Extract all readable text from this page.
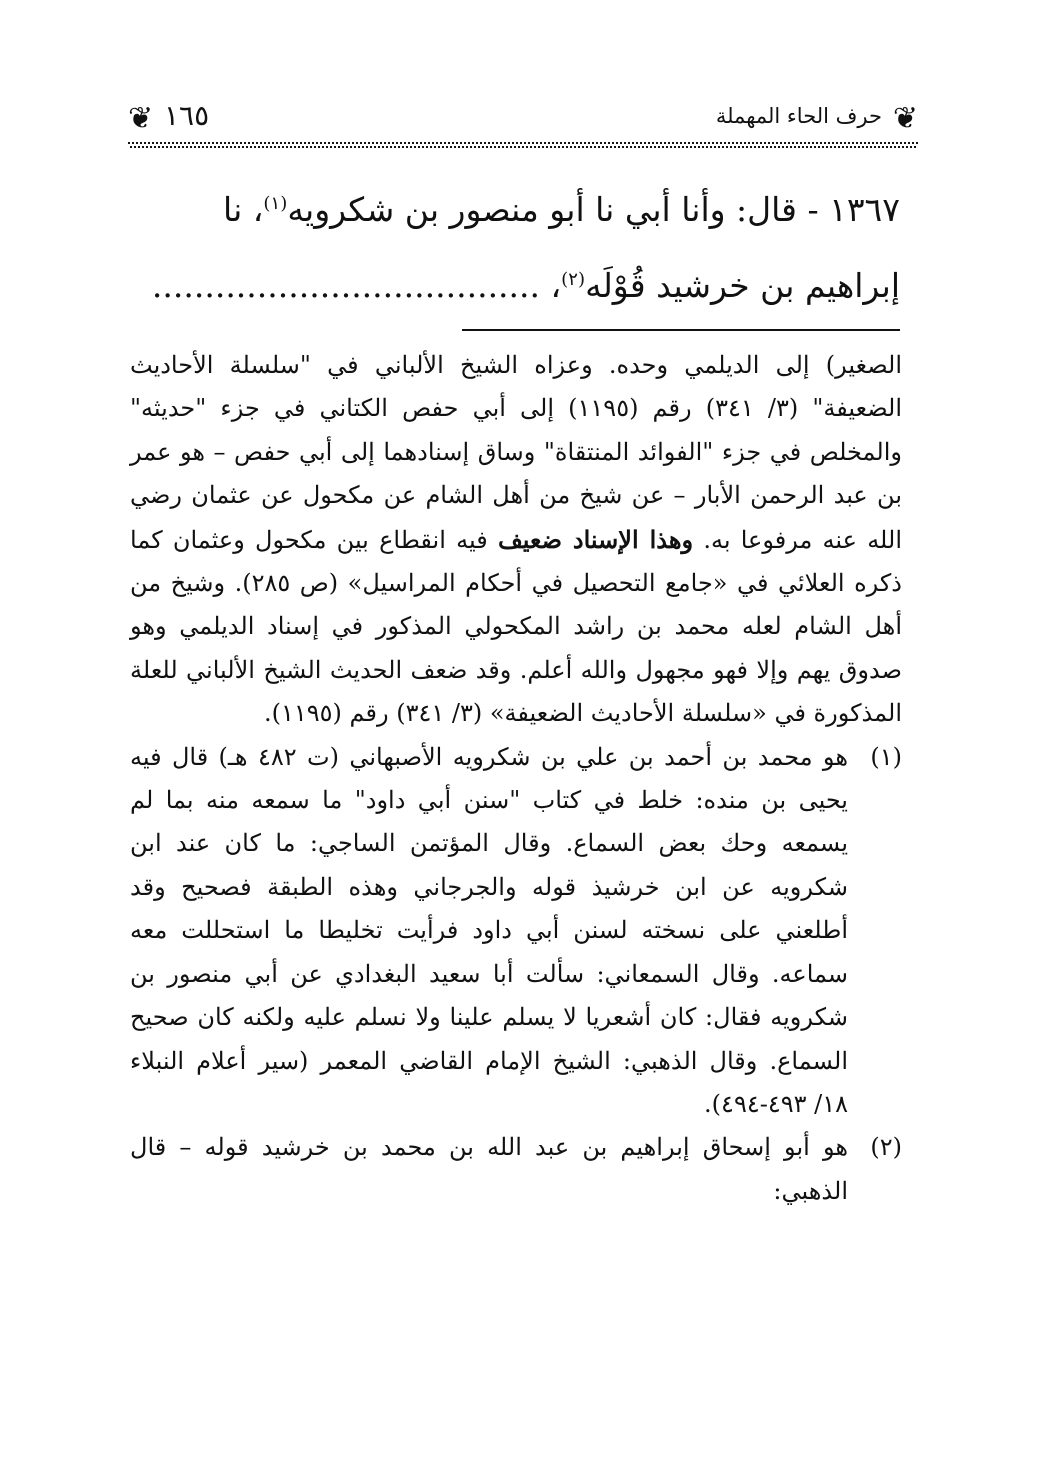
❦ ١٦٥	حرف الحاء المهملة ❦

١٣٦٧ - قال: وأنا أبي نا أبو منصور بن شكرويه$^{(١)}$، نا

إبراهيم بن خرشيد قُوْلَه$^{(٢)}$، .....................................

الصغير) إلى الديلمي وحده. وعزاه الشيخ الألباني في "سلسلة الأحاديث الضعيفة" (٣/ ٣٤١) رقم (١١٩٥) إلى أبي حفص الكتاني في جزء "حديثه" والمخلص في جزء "الفوائد المنتقاة" وساق إسنادهما إلى أبي حفص – هو عمر بن عبد الرحمن الأبار – عن شيخ من أهل الشام عن مكحول عن عثمان رضي الله عنه مرفوعا به. وهذا الإسناد ضعيف فيه انقطاع بين مكحول وعثمان كما ذكره العلائي في «جامع التحصيل في أحكام المراسيل» (ص ٢٨٥). وشيخ من أهل الشام لعله محمد بن راشد المكحولي المذكور في إسناد الديلمي وهو صدوق يهم وإلا فهو مجهول والله أعلم. وقد ضعف الحديث الشيخ الألباني للعلة المذكورة في «سلسلة الأحاديث الضعيفة» (٣/ ٣٤١) رقم (١١٩٥).

(١)
هو محمد بن أحمد بن علي بن شكرويه الأصبهاني (ت ٤٨٢ هـ) قال فيه يحيى بن منده: خلط في كتاب "سنن أبي داود" ما سمعه منه بما لم يسمعه وحك بعض السماع. وقال المؤتمن الساجي: ما كان عند ابن شكرويه عن ابن خرشيذ قوله والجرجاني وهذه الطبقة فصحيح وقد أطلعني على نسخته لسنن أبي داود فرأيت تخليطا ما استحللت معه سماعه. وقال السمعاني: سألت أبا سعيد البغدادي عن أبي منصور بن شكرويه فقال: كان أشعريا لا يسلم علينا ولا نسلم عليه ولكنه كان صحيح السماع. وقال الذهبي: الشيخ الإمام القاضي المعمر (سير أعلام النبلاء ١٨/ ٤٩٣-٤٩٤).
(٢)
هو أبو إسحاق إبراهيم بن عبد الله بن محمد بن خرشيد قوله – قال الذهبي:
